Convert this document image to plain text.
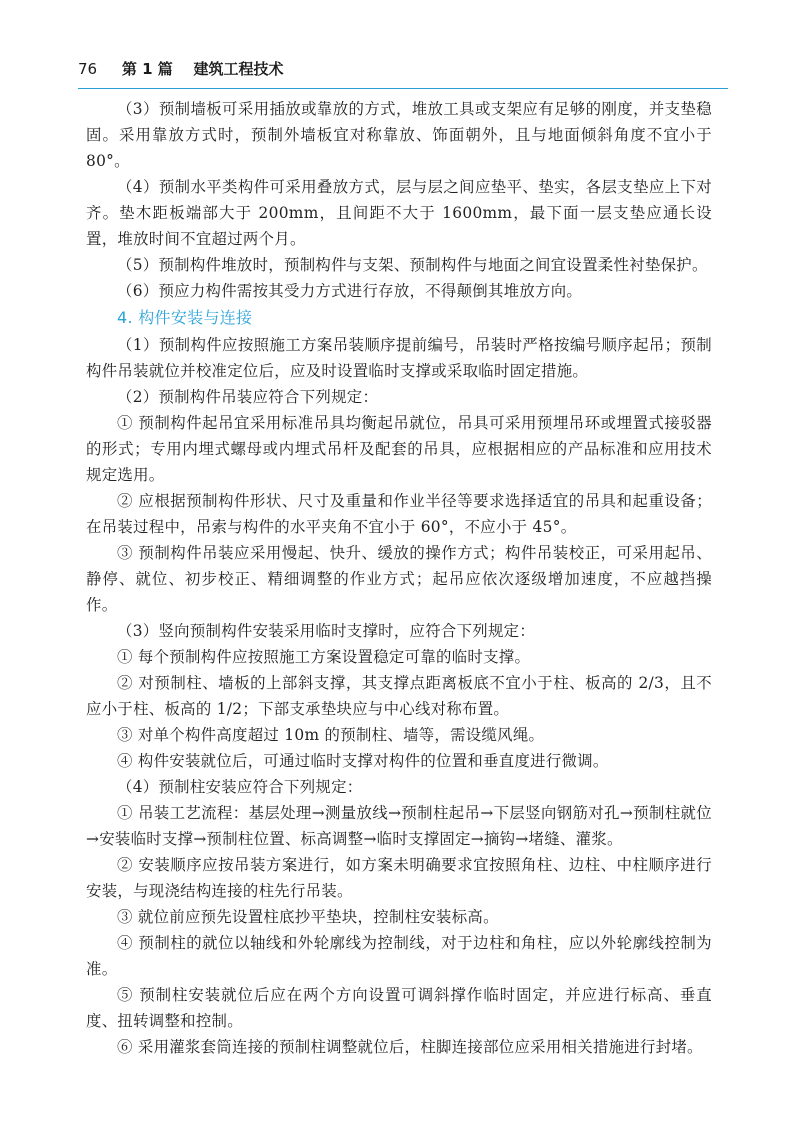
76 第 1 篇 建筑工程技术

（3）预制墙板可采用插放或靠放的方式，堆放工具或支架应有足够的刚度，并支垫稳固。采用靠放方式时，预制外墙板宜对称靠放、饰面朝外，且与地面倾斜角度不宜小于 80°。

（4）预制水平类构件可采用叠放方式，层与层之间应垫平、垫实，各层支垫应上下对齐。垫木距板端部大于 200mm，且间距不大于 1600mm，最下面一层支垫应通长设置，堆放时间不宜超过两个月。

（5）预制构件堆放时，预制构件与支架、预制构件与地面之间宜设置柔性衬垫保护。

（6）预应力构件需按其受力方式进行存放，不得颠倒其堆放方向。

4. 构件安装与连接

（1）预制构件应按照施工方案吊装顺序提前编号，吊装时严格按编号顺序起吊；预制构件吊装就位并校准定位后，应及时设置临时支撑或采取临时固定措施。

（2）预制构件吊装应符合下列规定：

① 预制构件起吊宜采用标准吊具均衡起吊就位，吊具可采用预埋吊环或埋置式接驳器的形式；专用内埋式螺母或内埋式吊杆及配套的吊具，应根据相应的产品标准和应用技术规定选用。

② 应根据预制构件形状、尺寸及重量和作业半径等要求选择适宜的吊具和起重设备；在吊装过程中，吊索与构件的水平夹角不宜小于 60°，不应小于 45°。

③ 预制构件吊装应采用慢起、快升、缓放的操作方式；构件吊装校正，可采用起吊、静停、就位、初步校正、精细调整的作业方式；起吊应依次逐级增加速度，不应越挡操作。

（3）竖向预制构件安装采用临时支撑时，应符合下列规定：

① 每个预制构件应按照施工方案设置稳定可靠的临时支撑。

② 对预制柱、墙板的上部斜支撑，其支撑点距离板底不宜小于柱、板高的 2/3，且不应小于柱、板高的 1/2；下部支承垫块应与中心线对称布置。

③ 对单个构件高度超过 10m 的预制柱、墙等，需设缆风绳。

④ 构件安装就位后，可通过临时支撑对构件的位置和垂直度进行微调。

（4）预制柱安装应符合下列规定：

① 吊装工艺流程：基层处理→测量放线→预制柱起吊→下层竖向钢筋对孔→预制柱就位→安装临时支撑→预制柱位置、标高调整→临时支撑固定→摘钩→堵缝、灌浆。

② 安装顺序应按吊装方案进行，如方案未明确要求宜按照角柱、边柱、中柱顺序进行安装，与现浇结构连接的柱先行吊装。

③ 就位前应预先设置柱底抄平垫块，控制柱安装标高。

④ 预制柱的就位以轴线和外轮廓线为控制线，对于边柱和角柱，应以外轮廓线控制为准。

⑤ 预制柱安装就位后应在两个方向设置可调斜撑作临时固定，并应进行标高、垂直度、扭转调整和控制。

⑥ 采用灌浆套筒连接的预制柱调整就位后，柱脚连接部位应采用相关措施进行封堵。
